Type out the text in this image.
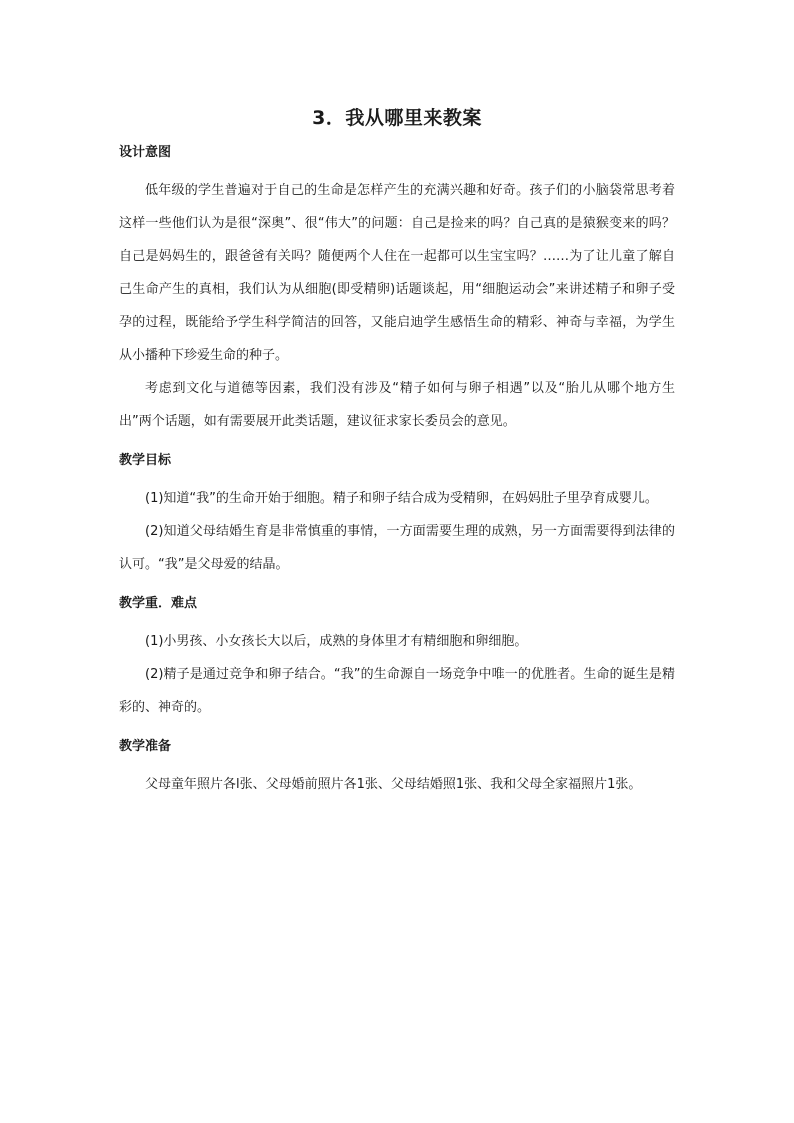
3．我从哪里来教案
设计意图

低年级的学生普遍对于自己的生命是怎样产生的充满兴趣和好奇。孩子们的小脑袋常思考着这样一些他们认为是很“深奥”、很“伟大”的问题：自己是捡来的吗？自己真的是猿猴变来的吗？自己是妈妈生的，跟爸爸有关吗？随便两个人住在一起都可以生宝宝吗？……为了让儿童了解自己生命产生的真相，我们认为从细胞(即受精卵)话题谈起，用“细胞运动会”来讲述精子和卵子受孕的过程，既能给予学生科学简洁的回答，又能启迪学生感悟生命的精彩、神奇与幸福，为学生从小播种下珍爱生命的种子。

考虑到文化与道德等因素，我们没有涉及“精子如何与卵子相遇”以及“胎儿从哪个地方生出”两个话题，如有需要展开此类话题，建议征求家长委员会的意见。

教学目标

(1)知道“我”的生命开始于细胞。精子和卵子结合成为受精卵，在妈妈肚子里孕育成婴儿。

(2)知道父母结婚生育是非常慎重的事情，一方面需要生理的成熟，另一方面需要得到法律的认可。“我”是父母爱的结晶。

教学重．难点

(1)小男孩、小女孩长大以后，成熟的身体里才有精细胞和卵细胞。

(2)精子是通过竞争和卵子结合。“我”的生命源自一场竞争中唯一的优胜者。生命的诞生是精彩的、神奇的。

教学准备

父母童年照片各l张、父母婚前照片各1张、父母结婚照1张、我和父母全家福照片1张。
